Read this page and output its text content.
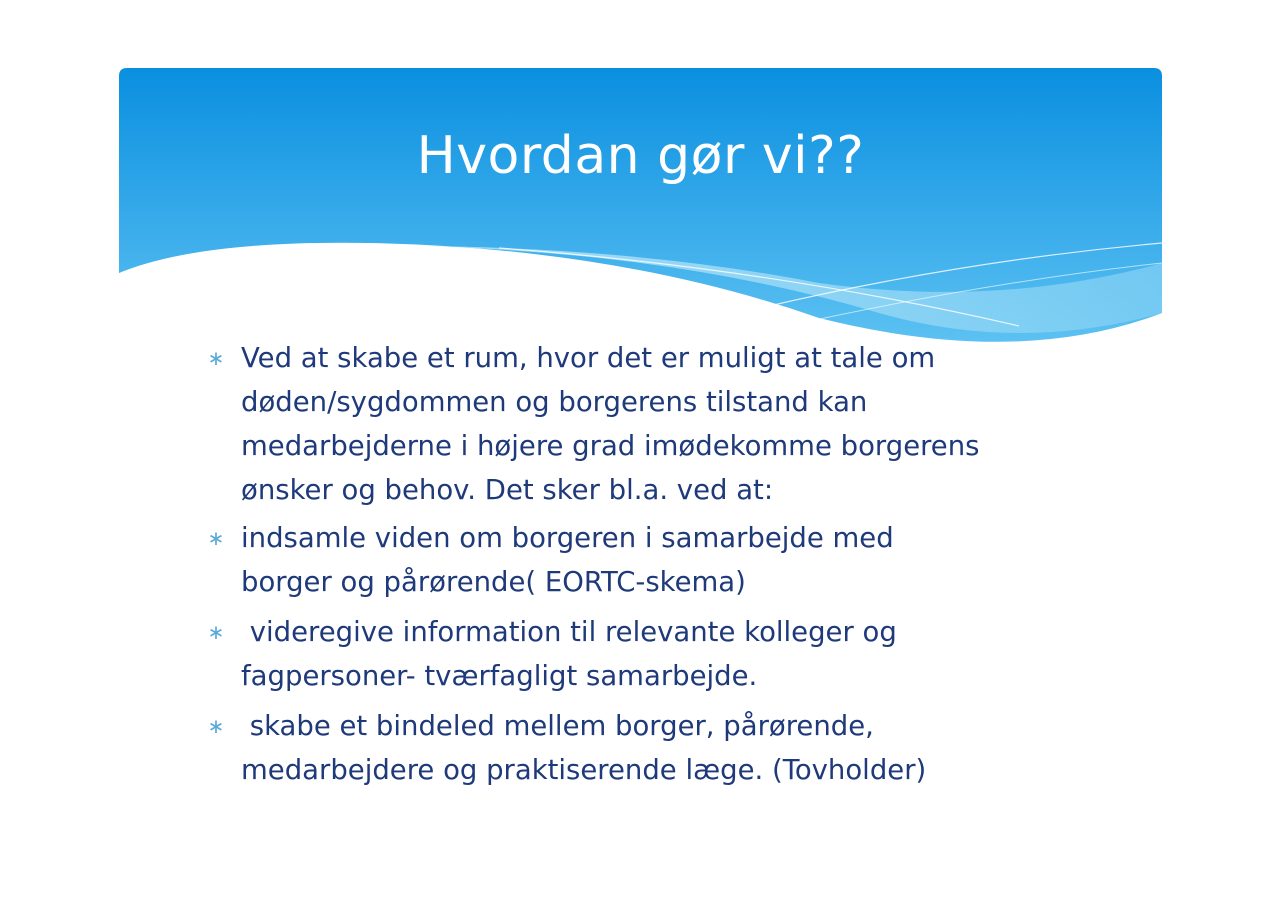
Hvordan gør vi??
∗ Ved at skabe et rum, hvor det er muligt at tale om
døden/sygdommen og borgerens tilstand kan
medarbejderne i højere grad imødekomme borgerens
ønsker og behov. Det sker bl.a. ved at:
∗ indsamle viden om borgeren i samarbejde med
borger og pårørende( EORTC-skema)
∗ videregive information til relevante kolleger og
fagpersoner- tværfagligt samarbejde.
∗ skabe et bindeled mellem borger, pårørende,
medarbejdere og praktiserende læge. (Tovholder)
